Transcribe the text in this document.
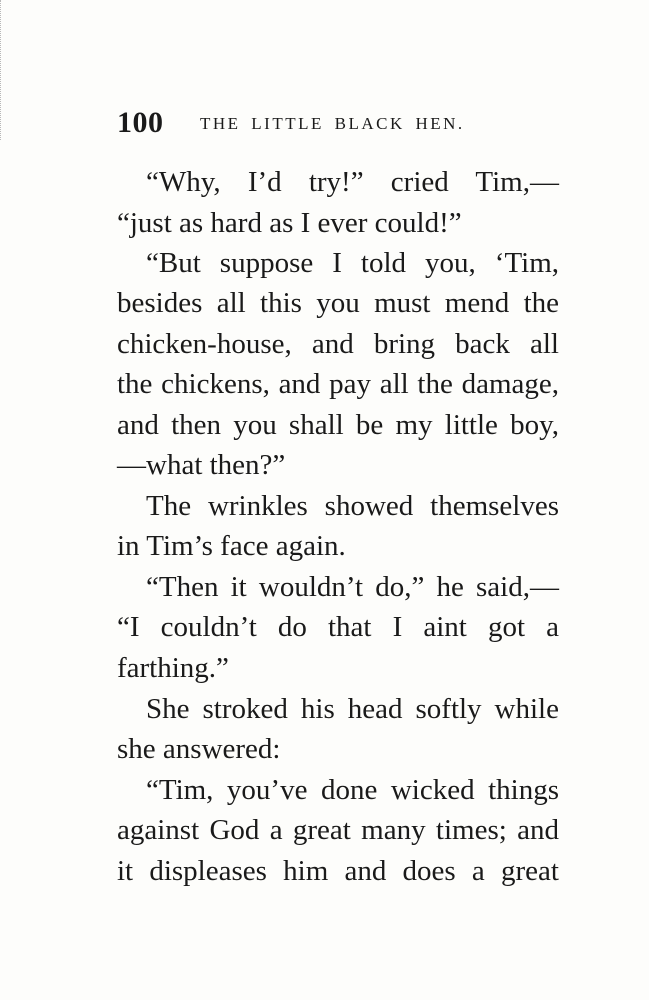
100 THE LITTLE BLACK HEN.
“Why, I’d try!” cried Tim,—
“just as hard as I ever could!”
“But suppose I told you, ‘Tim,
besides all this you must mend the
chicken-house, and bring back all
the chickens, and pay all the damage,
and then you shall be my little boy,
—what then?”
The wrinkles showed themselves
in Tim’s face again.
“Then it wouldn’t do,” he said,—
“I couldn’t do that I aint got a
farthing.”
She stroked his head softly while
she answered:
“Tim, you’ve done wicked things
against God a great many times; and
it displeases him and does a great
